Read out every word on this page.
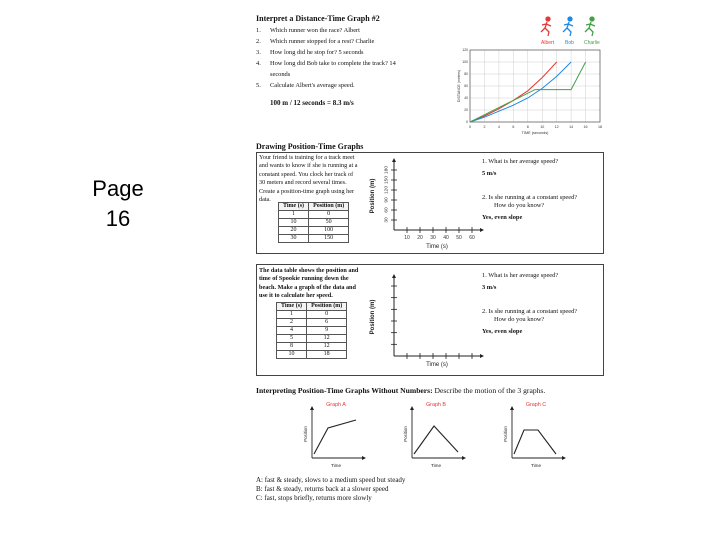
Page 16
Interpret a Distance-Time Graph #2
1. Which runner won the race? Albert
2. Which runner stopped for a rest? Charlie
3. How long did he stop for? 5 seconds
4. How long did Bob take to complete the track? 14
seconds
5. Calculate Albert's average speed.
100 m / 12 seconds = 8.3 m/s
Albert Bob Charlie
0	2	4	6	8	10	12	14	16	18
0
20
40
60
80
100
120
TIME (seconds)
DISTANCE (meters)
Drawing Position-Time Graphs
Your friend is training for a track meet and wants to know if she is running at a constant speed. You clock her track of 30 meters and record several times. Create a position-time graph using her data.
Time (s)	Position (m)
1	0
10	50
20	100
30	150
30
10
60
20
90
30
120
40
150
50
180
60
Position (m)
Time (s)
1. What is her average speed?
5 m/s
2. Is she running at a constant speed?
How do you know?
Yes, even slope
The data table shows the position and time of Spookie running down the beach. Make a graph of the data and use it to calculate her speed.
Time (s)	Position (m)
1	0
2	6
4	9
5	12
8	12
10	18
Position (m)
Time (s)
1. What is her average speed?
3 m/s
2. Is she running at a constant speed?
How do you know?
Yes, even slope
Interpreting Position-Time Graphs Without Numbers: Describe the motion of the 3 graphs.
Graph A
Position
Time
Graph B
Position
Time
Graph C
Position
Time
A: fast & steady, slows to a medium speed but steady
B: fast & steady, returns back at a slower speed
C: fast, stops briefly, returns more slowly
